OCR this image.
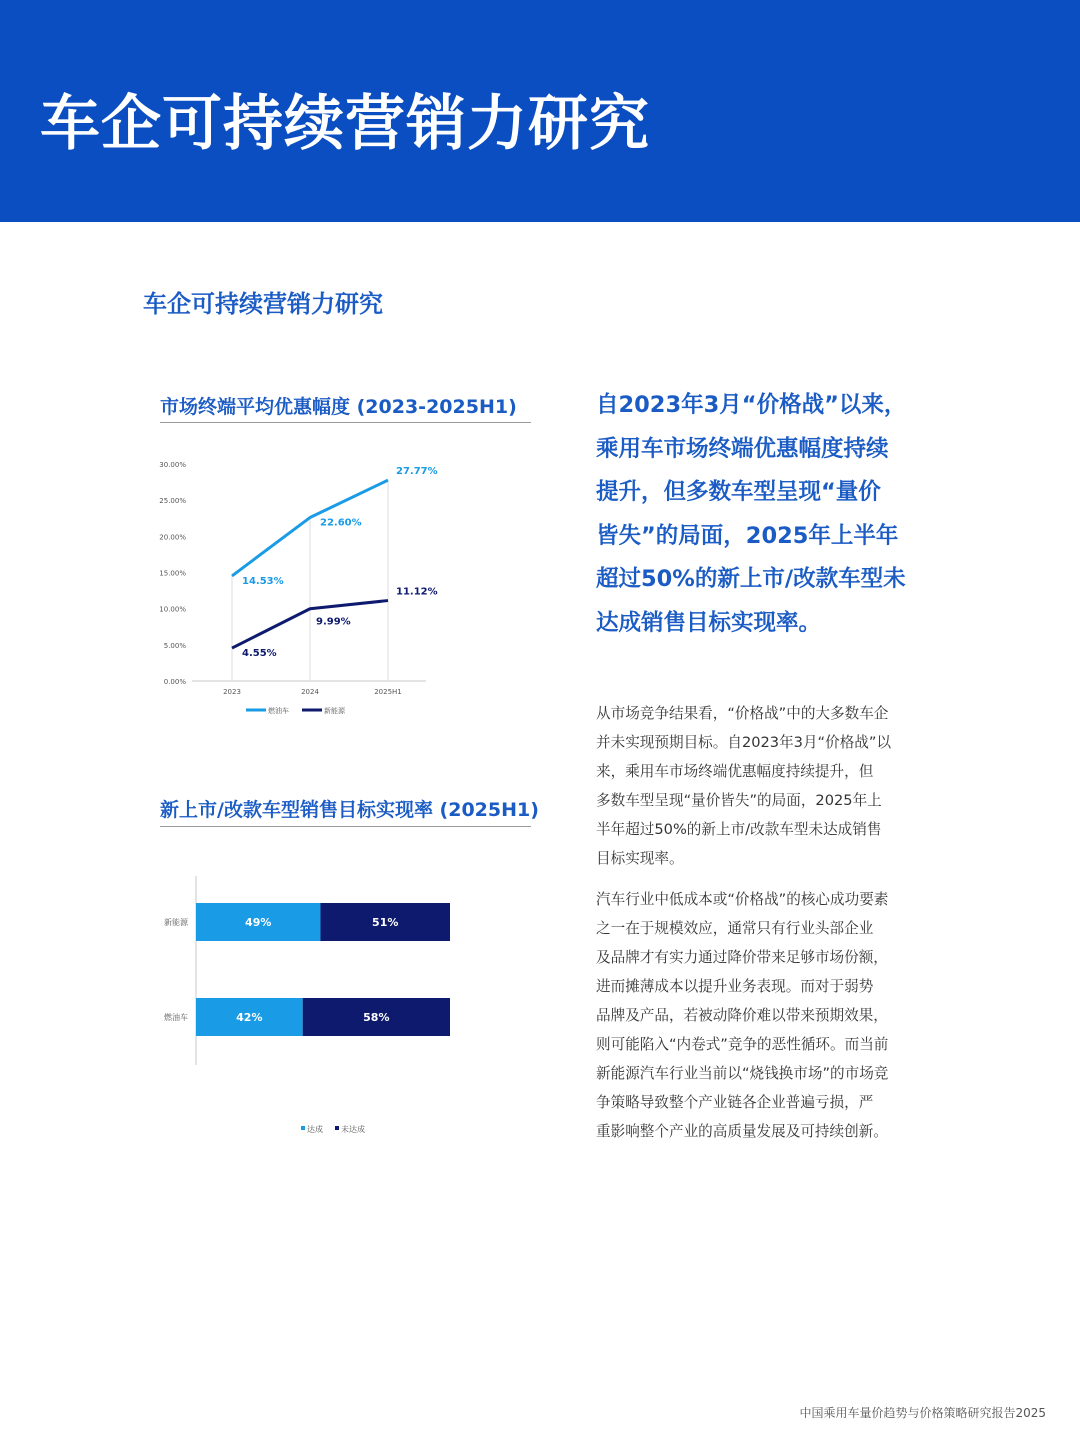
车企可持续营销力研究
车企可持续营销力研究
市场终端平均优惠幅度 (2023-2025H1)
0.00%
5.00%
10.00%
15.00%
20.00%
25.00%
30.00%
2023	2024	2025H1
14.53%
22.60%
27.77%
4.55%
9.99%
11.12%
燃油车	新能源
新上市/改款车型销售目标实现率 (2025H1)
新能源	49%	51%
燃油车	42%	58%
达成 未达成
自2023年3月“价格战”以来，
乘用车市场终端优惠幅度持续
提升，但多数车型呈现“量价
皆失”的局面，2025年上半年
超过50%的新上市/改款车型未
达成销售目标实现率。
从市场竞争结果看，“价格战”中的大多数车企
并未实现预期目标。自2023年3月“价格战”以
来，乘用车市场终端优惠幅度持续提升，但
多数车型呈现“量价皆失”的局面，2025年上
半年超过50%的新上市/改款车型未达成销售
目标实现率。
汽车行业中低成本或“价格战”的核心成功要素
之一在于规模效应，通常只有行业头部企业
及品牌才有实力通过降价带来足够市场份额，
进而摊薄成本以提升业务表现。而对于弱势
品牌及产品，若被动降价难以带来预期效果，
则可能陷入“内卷式”竞争的恶性循环。而当前
新能源汽车行业当前以“烧钱换市场”的市场竞
争策略导致整个产业链各企业普遍亏损，严
重影响整个产业的高质量发展及可持续创新。
中国乘用车量价趋势与价格策略研究报告2025
